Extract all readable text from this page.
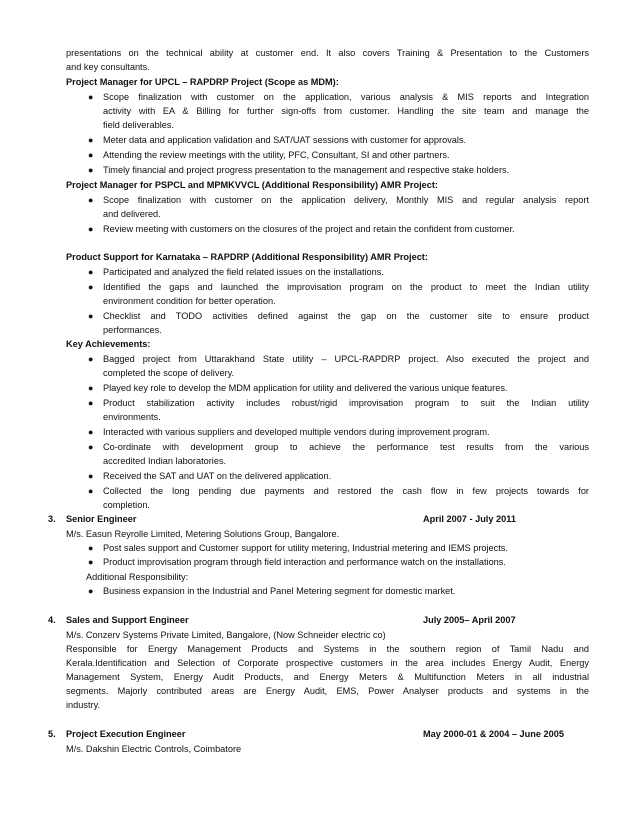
presentations on the technical ability at customer end. It also covers Training & Presentation to the Customers
and key consultants.
Project Manager for UPCL – RAPDRP Project (Scope as MDM):
● Scope finalization with customer on the application, various analysis & MIS reports and Integration
activity with EA & Billing for further sign-offs from customer. Handling the site team and manage the
field deliverables.
● Meter data and application validation and SAT/UAT sessions with customer for approvals.
● Attending the review meetings with the utility, PFC, Consultant, SI and other partners.
● Timely financial and project progress presentation to the management and respective stake holders.
Project Manager for PSPCL and MPMKVVCL (Additional Responsibility) AMR Project:
● Scope finalization with customer on the application delivery, Monthly MIS and regular analysis report
and delivered.
● Review meeting with customers on the closures of the project and retain the confident from customer.
Product Support for Karnataka – RAPDRP (Additional Responsibility) AMR Project:
● Participated and analyzed the field related issues on the installations.
● Identified the gaps and launched the improvisation program on the product to meet the Indian utility
environment condition for better operation.
● Checklist and TODO activities defined against the gap on the customer site to ensure product
performances.
Key Achievements:
● Bagged project from Uttarakhand State utility – UPCL-RAPDRP project. Also executed the project and
completed the scope of delivery.
● Played key role to develop the MDM application for utility and delivered the various unique features.
● Product stabilization activity includes robust/rigid improvisation program to suit the Indian utility
environments.
● Interacted with various suppliers and developed multiple vendors during improvement program.
● Co-ordinate with development group to achieve the performance test results from the various
accredited Indian laboratories.
● Received the SAT and UAT on the delivered application.
● Collected the long pending due payments and restored the cash flow in few projects towards for
completion.
3. Senior Engineer	April 2007 - July 2011
M/s. Easun Reyrolle Limited, Metering Solutions Group, Bangalore.
● Post sales support and Customer support for utility metering, Industrial metering and IEMS projects.
● Product improvisation program through field interaction and performance watch on the installations.
Additional Responsibility:
● Business expansion in the Industrial and Panel Metering segment for domestic market.
4. Sales and Support Engineer	July 2005– April 2007
M/s. Conzerv Systems Private Limited, Bangalore, (Now Schneider electric co)
Responsible for Energy Management Products and Systems in the southern region of Tamil Nadu and
Kerala.Identification and Selection of Corporate prospective customers in the area includes Energy Audit, Energy
Management System, Energy Audit Products, and Energy Meters & Multifunction Meters in all industrial
segments. Majorly contributed areas are Energy Audit, EMS, Power Analyser products and systems in the
industry.
5. Project Execution Engineer	May 2000-01 & 2004 – June 2005
M/s. Dakshin Electric Controls, Coimbatore
